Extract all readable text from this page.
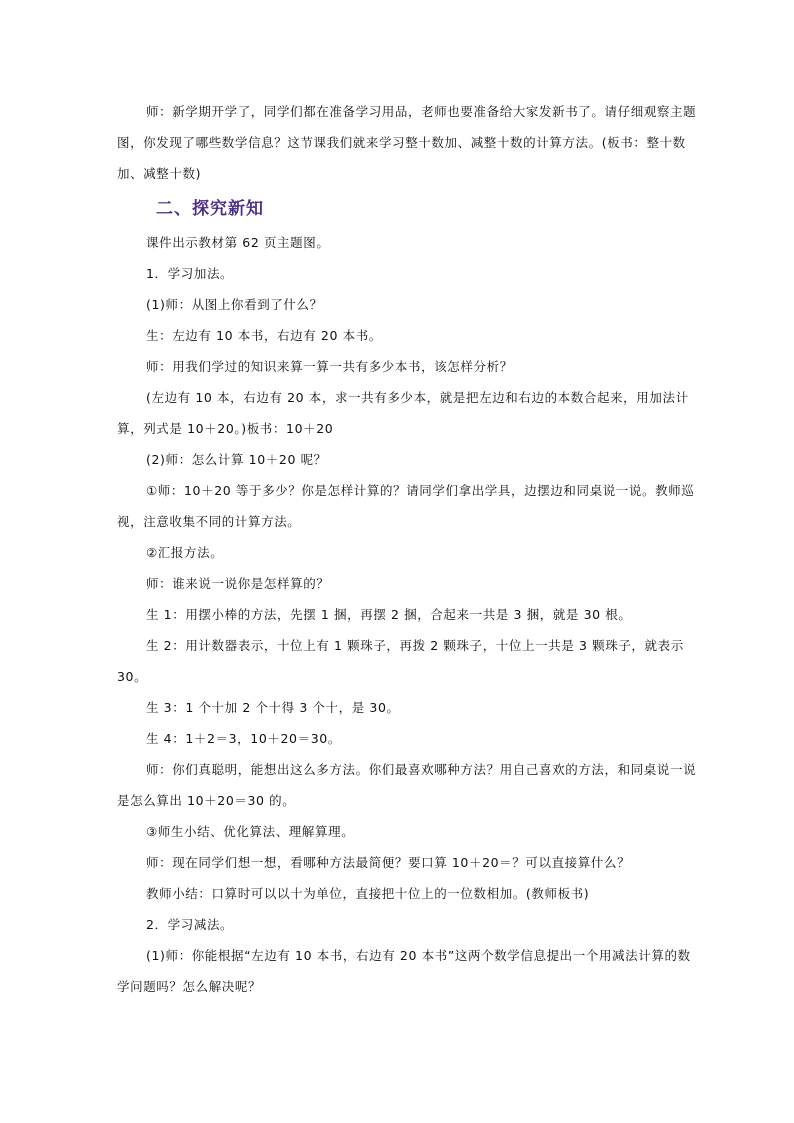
师：新学期开学了，同学们都在准备学习用品，老师也要准备给大家发新书了。请仔细观察主题图，你发现了哪些数学信息？这节课我们就来学习整十数加、减整十数的计算方法。(板书：整十数加、减整十数)

二、探究新知

课件出示教材第 62 页主题图。

1．学习加法。

(1)师：从图上你看到了什么？

生：左边有 10 本书，右边有 20 本书。

师：用我们学过的知识来算一算一共有多少本书，该怎样分析？

(左边有 10 本，右边有 20 本，求一共有多少本，就是把左边和右边的本数合起来，用加法计算，列式是 10＋20。)板书：10＋20

(2)师：怎么计算 10＋20 呢？

①师：10＋20 等于多少？你是怎样计算的？请同学们拿出学具，边摆边和同桌说一说。教师巡视，注意收集不同的计算方法。

②汇报方法。

师：谁来说一说你是怎样算的？

生 1：用摆小棒的方法，先摆 1 捆，再摆 2 捆，合起来一共是 3 捆，就是 30 根。

生 2：用计数器表示，十位上有 1 颗珠子，再拨 2 颗珠子，十位上一共是 3 颗珠子，就表示 30。

生 3：1 个十加 2 个十得 3 个十，是 30。

生 4：1＋2＝3，10＋20＝30。

师：你们真聪明，能想出这么多方法。你们最喜欢哪种方法？用自己喜欢的方法，和同桌说一说是怎么算出 10＋20＝30 的。

③师生小结、优化算法、理解算理。

师：现在同学们想一想，看哪种方法最简便？要口算 10＋20＝？可以直接算什么？

教师小结：口算时可以以十为单位，直接把十位上的一位数相加。(教师板书)

2．学习减法。

(1)师：你能根据“左边有 10 本书，右边有 20 本书”这两个数学信息提出一个用减法计算的数学问题吗？怎么解决呢？
